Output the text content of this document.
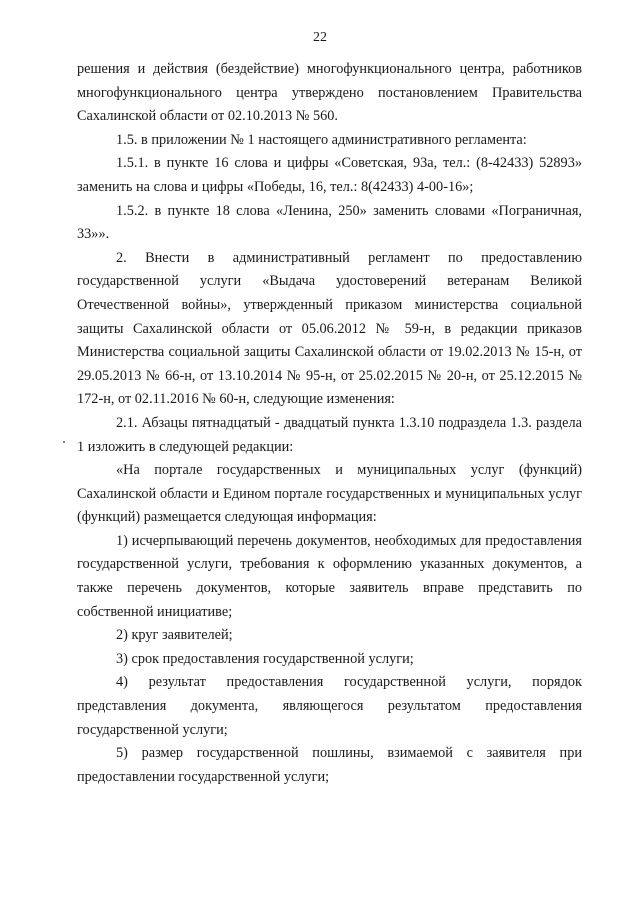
22

решения и действия (бездействие) многофункционального центра, работников многофункционального центра утверждено постановлением Правительства Сахалинской области от 02.10.2013 № 560.

1.5. в приложении № 1 настоящего административного регламента:

1.5.1. в пункте 16 слова и цифры «Советская, 93а, тел.: (8-42433) 52893» заменить на слова и цифры «Победы, 16, тел.: 8(42433) 4-00-16»;

1.5.2. в пункте 18 слова «Ленина, 250» заменить словами «Пограничная, 33»».

2. Внести в административный регламент по предоставлению государственной услуги «Выдача удостоверений ветеранам Великой Отечественной войны», утвержденный приказом министерства социальной защиты Сахалинской области от 05.06.2012 № 59-н, в редакции приказов Министерства социальной защиты Сахалинской области от 19.02.2013 № 15-н, от 29.05.2013 № 66-н, от 13.10.2014 № 95-н, от 25.02.2015 № 20-н, от 25.12.2015 № 172-н, от 02.11.2016 № 60-н, следующие изменения:

2.1. Абзацы пятнадцатый - двадцатый пункта 1.3.10 подраздела 1.3. раздела 1 изложить в следующей редакции:

«На портале государственных и муниципальных услуг (функций) Сахалинской области и Едином портале государственных и муниципальных услуг (функций) размещается следующая информация:

1) исчерпывающий перечень документов, необходимых для предоставления государственной услуги, требования к оформлению указанных документов, а также перечень документов, которые заявитель вправе представить по собственной инициативе;

2) круг заявителей;

3) срок предоставления государственной услуги;

4) результат предоставления государственной услуги, порядок представления документа, являющегося результатом предоставления государственной услуги;

5) размер государственной пошлины, взимаемой с заявителя при предоставлении государственной услуги;
